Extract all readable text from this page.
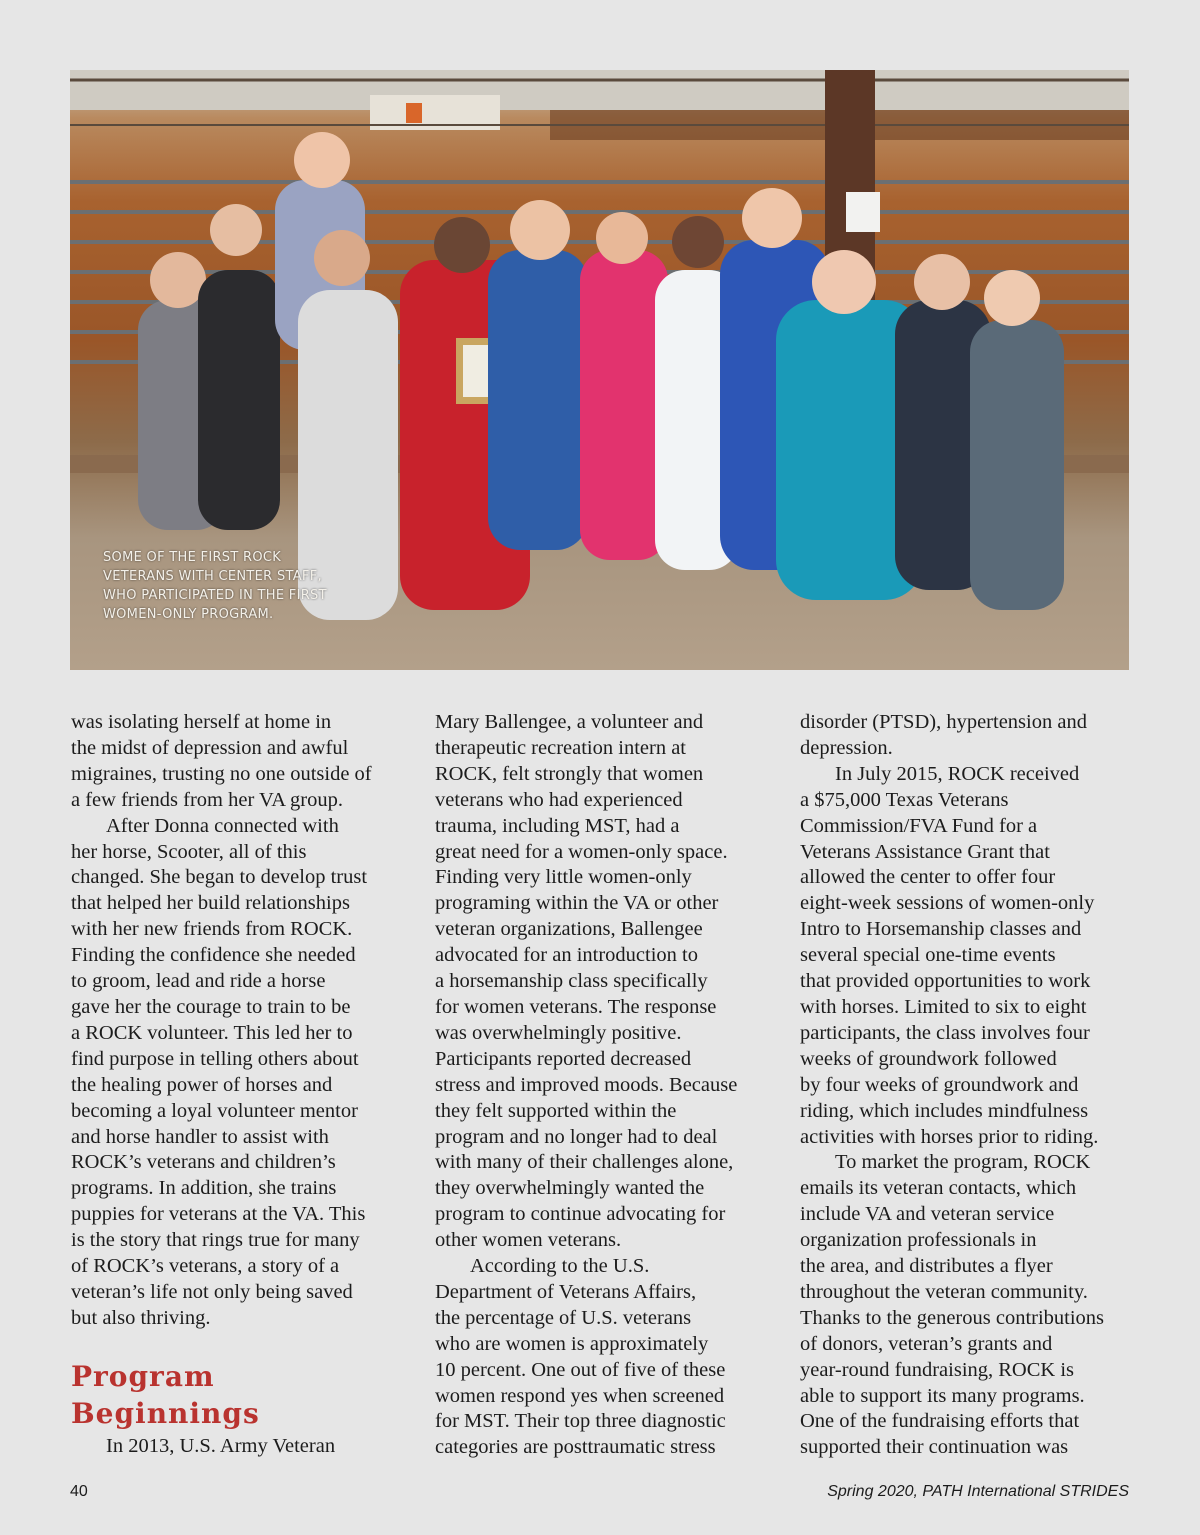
SOME OF THE FIRST ROCK VETERANS WITH CENTER STAFF, WHO PARTICIPATED IN THE FIRST WOMEN-ONLY PROGRAM.

was isolating herself at home in

the midst of depression and awful

migraines, trusting no one outside of

a few friends from her VA group.

After Donna connected with

her horse, Scooter, all of this

changed. She began to develop trust

that helped her build relationships

with her new friends from ROCK.

Finding the confidence she needed

to groom, lead and ride a horse

gave her the courage to train to be

a ROCK volunteer. This led her to

find purpose in telling others about

the healing power of horses and

becoming a loyal volunteer mentor

and horse handler to assist with

ROCK’s veterans and children’s

programs. In addition, she trains

puppies for veterans at the VA. This

is the story that rings true for many

of ROCK’s veterans, a story of a

veteran’s life not only being saved

but also thriving.

Program
Beginnings

In 2013, U.S. Army Veteran

Mary Ballengee, a volunteer and

therapeutic recreation intern at

ROCK, felt strongly that women

veterans who had experienced

trauma, including MST, had a

great need for a women-only space.

Finding very little women-only

programing within the VA or other

veteran organizations, Ballengee

advocated for an introduction to

a horsemanship class specifically

for women veterans. The response

was overwhelmingly positive.

Participants reported decreased

stress and improved moods. Because

they felt supported within the

program and no longer had to deal

with many of their challenges alone,

they overwhelmingly wanted the

program to continue advocating for

other women veterans.

According to the U.S.

Department of Veterans Affairs,

the percentage of U.S. veterans

who are women is approximately

10 percent. One out of five of these

women respond yes when screened

for MST. Their top three diagnostic

categories are posttraumatic stress

disorder (PTSD), hypertension and

depression.

In July 2015, ROCK received

a $75,000 Texas Veterans

Commission/FVA Fund for a

Veterans Assistance Grant that

allowed the center to offer four

eight-week sessions of women-only

Intro to Horsemanship classes and

several special one-time events

that provided opportunities to work

with horses. Limited to six to eight

participants, the class involves four

weeks of groundwork followed

by four weeks of groundwork and

riding, which includes mindfulness

activities with horses prior to riding.

To market the program, ROCK

emails its veteran contacts, which

include VA and veteran service

organization professionals in

the area, and distributes a flyer

throughout the veteran community.

Thanks to the generous contributions

of donors, veteran’s grants and

year-round fundraising, ROCK is

able to support its many programs.

One of the fundraising efforts that

supported their continuation was

40	Spring 2020, PATH International STRIDES
